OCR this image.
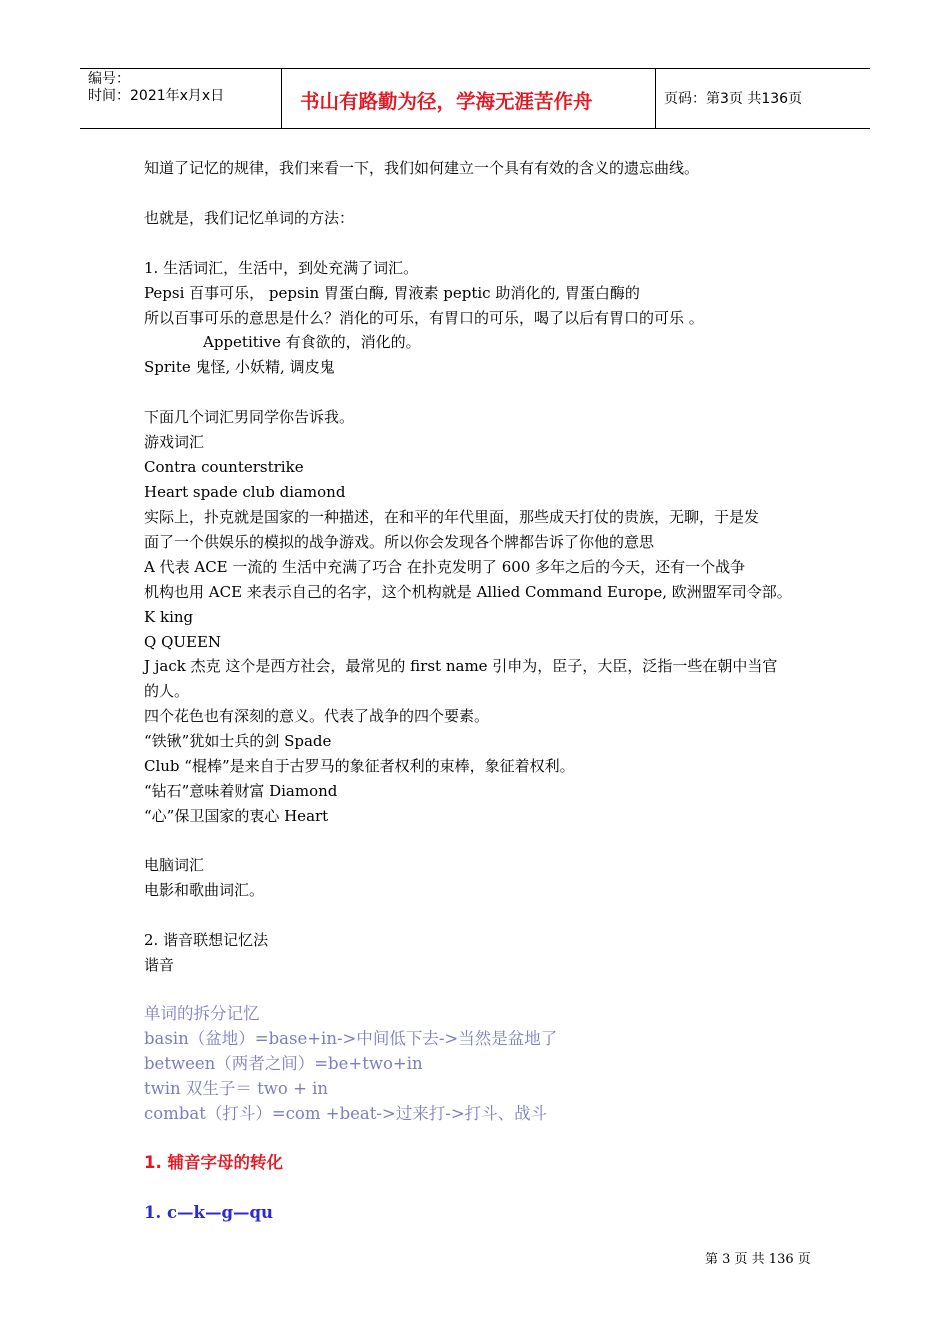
编号：
时间：2021年x月x日	书山有路勤为径，学海无涯苦作舟	页码：第3页 共136页
知道了记忆的规律，我们来看一下，我们如何建立一个具有有效的含义的遗忘曲线。
也就是，我们记忆单词的方法：
1. 生活词汇，生活中，到处充满了词汇。
Pepsi 百事可乐， pepsin 胃蛋白酶, 胃液素 peptic 助消化的, 胃蛋白酶的
所以百事可乐的意思是什么？消化的可乐，有胃口的可乐，喝了以后有胃口的可乐 。
Appetitive 有食欲的，消化的。
Sprite 鬼怪, 小妖精, 调皮鬼
下面几个词汇男同学你告诉我。
游戏词汇
Contra counterstrike
Heart spade club diamond
实际上，扑克就是国家的一种描述，在和平的年代里面，那些成天打仗的贵族，无聊，于是发
面了一个供娱乐的模拟的战争游戏。所以你会发现各个牌都告诉了你他的意思
A 代表 ACE 一流的 生活中充满了巧合 在扑克发明了 600 多年之后的今天，还有一个战争
机构也用 ACE 来表示自己的名字，这个机构就是 Allied Command Europe, 欧洲盟军司令部。
K king
Q QUEEN
J jack 杰克 这个是西方社会，最常见的 first name 引申为，臣子，大臣，泛指一些在朝中当官
的人。
四个花色也有深刻的意义。代表了战争的四个要素。
“铁锹”犹如士兵的剑 Spade
Club “棍棒”是来自于古罗马的象征者权利的束棒，象征着权利。
“钻石”意味着财富 Diamond
“心”保卫国家的衷心 Heart
电脑词汇
电影和歌曲词汇。
2. 谐音联想记忆法
谐音
单词的拆分记忆
basin（盆地）=base+in->中间低下去->当然是盆地了
between（两者之间）=be+two+in
twin 双生子＝ two + in
combat（打斗）=com +beat->过来打->打斗、战斗
1. 辅音字母的转化
1. c—k—g—qu
第 3 页 共 136 页
